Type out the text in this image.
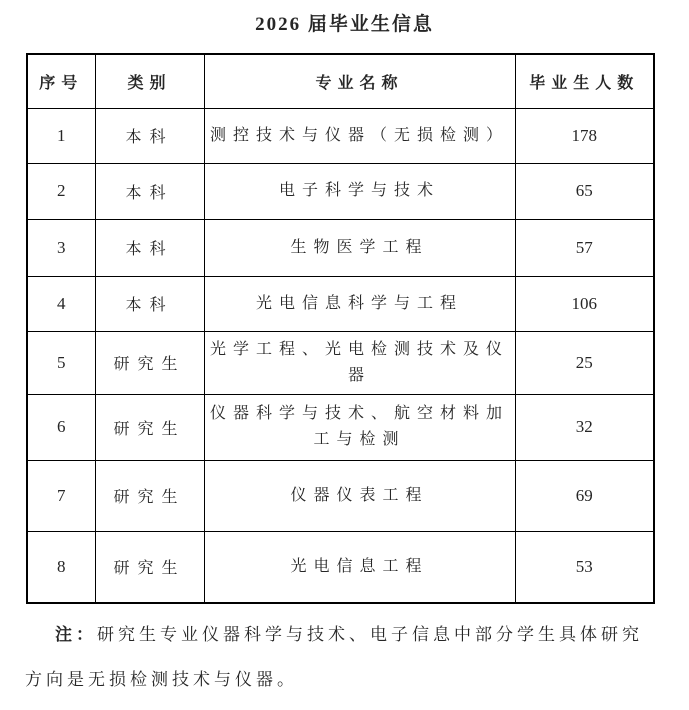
2026 届毕业生信息
序号	类别	专业名称	毕业生人数
1	本科	测控技术与仪器（无损检测）	178
2	本科	电子科学与技术	65
3	本科	生物医学工程	57
4	本科	光电信息科学与工程	106
5	研究生	光学工程、光电检测技术及仪器	25
6	研究生	仪器科学与技术、航空材料加工与检测	32
7	研究生	仪器仪表工程	69
8	研究生	光电信息工程	53

注：研究生专业仪器科学与技术、电子信息中部分学生具体研究方向是无损检测技术与仪器。
